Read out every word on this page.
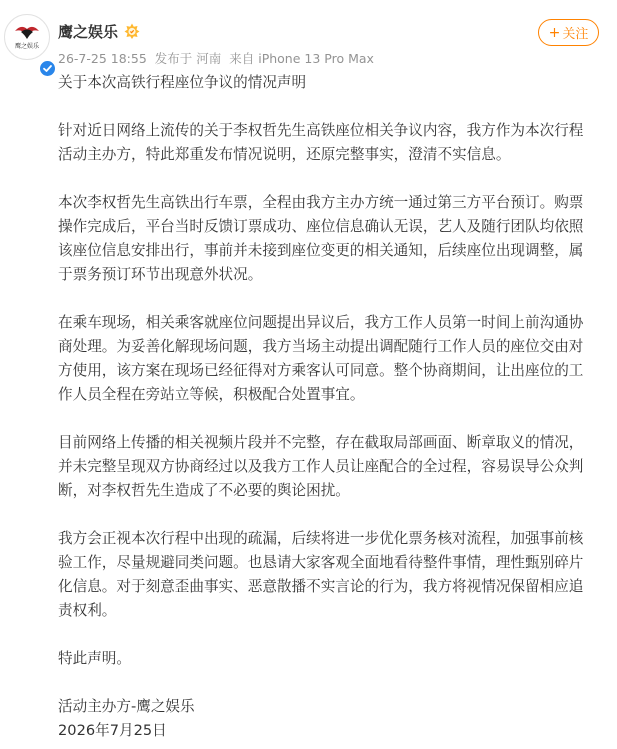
鹰之娱乐
鹰之娱乐
26-7-25 18:55 发布于 河南 来自 iPhone 13 Pro Max
+ 关注

关于本次高铁行程座位争议的情况声明

针对近日网络上流传的关于李权哲先生高铁座位相关争议内容，我方作为本次行程

活动主办方，特此郑重发布情况说明，还原完整事实，澄清不实信息。

本次李权哲先生高铁出行车票，全程由我方主办方统一通过第三方平台预订。购票

操作完成后，平台当时反馈订票成功、座位信息确认无误，艺人及随行团队均依照

该座位信息安排出行，事前并未接到座位变更的相关通知，后续座位出现调整，属

于票务预订环节出现意外状况。

在乘车现场，相关乘客就座位问题提出异议后，我方工作人员第一时间上前沟通协

商处理。为妥善化解现场问题，我方当场主动提出调配随行工作人员的座位交由对

方使用，该方案在现场已经征得对方乘客认可同意。整个协商期间，让出座位的工

作人员全程在旁站立等候，积极配合处置事宜。

目前网络上传播的相关视频片段并不完整，存在截取局部画面、断章取义的情况，

并未完整呈现双方协商经过以及我方工作人员让座配合的全过程，容易误导公众判

断，对李权哲先生造成了不必要的舆论困扰。

我方会正视本次行程中出现的疏漏，后续将进一步优化票务核对流程，加强事前核

验工作，尽量规避同类问题。也恳请大家客观全面地看待整件事情，理性甄别碎片

化信息。对于刻意歪曲事实、恶意散播不实言论的行为，我方将视情况保留相应追

责权利。

特此声明。

活动主办方-鹰之娱乐

2026年7月25日
